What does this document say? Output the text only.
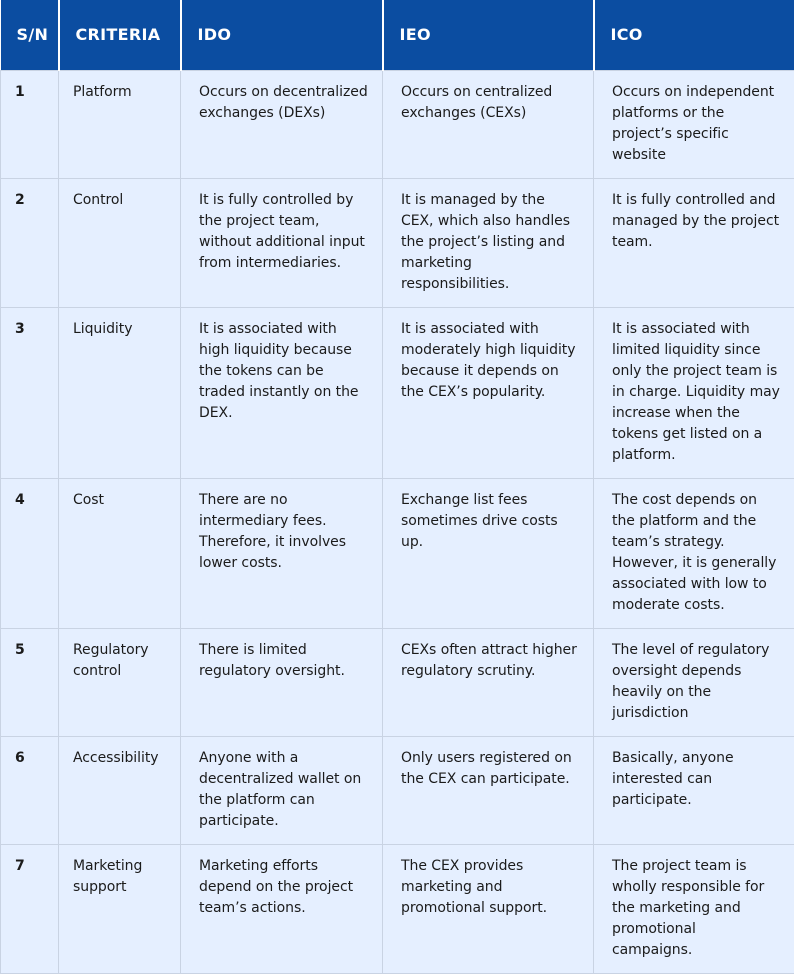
S/N	CRITERIA	IDO	IEO	ICO
1	Platform	Occurs on decentralized exchanges (DEXs)	Occurs on centralized exchanges (CEXs)	Occurs on independent platforms or the project’s specific website
2	Control	It is fully controlled by the project team, without additional input from intermediaries.	It is managed by the CEX, which also handles the project’s listing and marketing responsibilities.	It is fully controlled and managed by the project team.
3	Liquidity	It is associated with high liquidity because the tokens can be traded instantly on the DEX.	It is associated with moderately high liquidity because it depends on the CEX’s popularity.	It is associated with limited liquidity since only the project team is in charge. Liquidity may increase when the tokens get listed on a platform.
4	Cost	There are no intermediary fees. Therefore, it involves lower costs.	Exchange list fees sometimes drive costs up.	The cost depends on the platform and the team’s strategy. However, it is generally associated with low to moderate costs.
5	Regulatory control	There is limited regulatory oversight.	CEXs often attract higher regulatory scrutiny.	The level of regulatory oversight depends heavily on the jurisdiction
6	Accessibility	Anyone with a decentralized wallet on the platform can participate.	Only users registered on the CEX can participate.	Basically, anyone interested can participate.
7	Marketing support	Marketing efforts depend on the project team’s actions.	The CEX provides marketing and promotional support.	The project team is wholly responsible for the marketing and promotional campaigns.
